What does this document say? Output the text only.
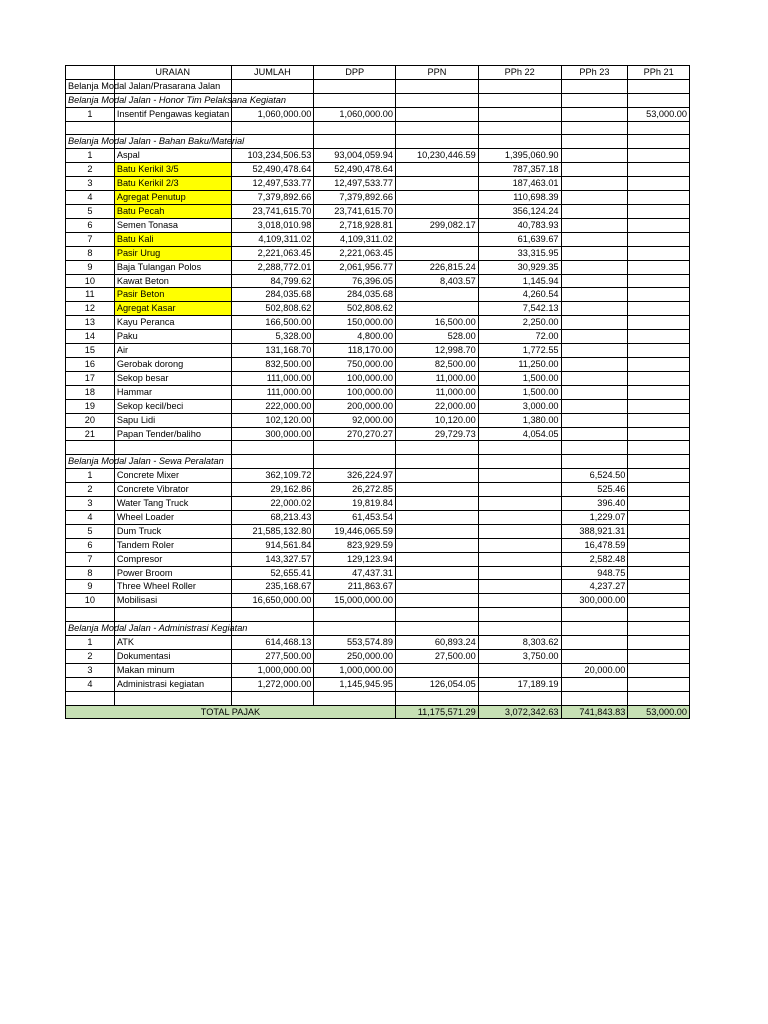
	URAIAN	JUMLAH	DPP	PPN	PPh 22	PPh 23	PPh 21

Belanja Modal Jalan/Prasarana Jalan							

Belanja Modal Jalan - Honor Tim Pelaksana Kegiatan							

1	Insentif Pengawas kegiatan	1,060,000.00	1,060,000.00				53,000.00

Belanja Modal Jalan - Bahan Baku/Material							

1	Aspal	103,234,506.53	93,004,059.94	10,230,446.59	1,395,060.90		
2	Batu Kerikil 3/5	52,490,478.64	52,490,478.64		787,357.18		
3	Batu Kerikil 2/3	12,497,533.77	12,497,533.77		187,463.01		
4	Agregat Penutup	7,379,892.66	7,379,892.66		110,698.39		
5	Batu Pecah	23,741,615.70	23,741,615.70		356,124.24		
6	Semen Tonasa	3,018,010.98	2,718,928.81	299,082.17	40,783.93		
7	Batu Kali	4,109,311.02	4,109,311.02		61,639.67		
8	Pasir Urug	2,221,063.45	2,221,063.45		33,315.95		
9	Baja Tulangan Polos	2,288,772.01	2,061,956.77	226,815.24	30,929.35		
10	Kawat Beton	84,799.62	76,396.05	8,403.57	1,145.94		
11	Pasir Beton	284,035.68	284,035.68		4,260.54		
12	Agregat Kasar	502,808.62	502,808.62		7,542.13		
13	Kayu Peranca	166,500.00	150,000.00	16,500.00	2,250.00		
14	Paku	5,328.00	4,800.00	528.00	72.00		
15	Air	131,168.70	118,170.00	12,998.70	1,772.55		
16	Gerobak dorong	832,500.00	750,000.00	82,500.00	11,250.00		
17	Sekop besar	111,000.00	100,000.00	11,000.00	1,500.00		
18	Hammar	111,000.00	100,000.00	11,000.00	1,500.00		
19	Sekop kecil/beci	222,000.00	200,000.00	22,000.00	3,000.00		
20	Sapu Lidi	102,120.00	92,000.00	10,120.00	1,380.00		
21	Papan Tender/baliho	300,000.00	270,270.27	29,729.73	4,054.05		

Belanja Modal Jalan - Sewa Peralatan							

1	Concrete Mixer	362,109.72	326,224.97			6,524.50	
2	Concrete Vibrator	29,162.86	26,272.85			525.46	
3	Water Tang Truck	22,000.02	19,819.84			396.40	
4	Wheel Loader	68,213.43	61,453.54			1,229.07	
5	Dum Truck	21,585,132.80	19,446,065.59			388,921.31	
6	Tandem Roler	914,561.84	823,929.59			16,478.59	
7	Compresor	143,327.57	129,123.94			2,582.48	
8	Power Broom	52,655.41	47,437.31			948.75	
9	Three Wheel Roller	235,168.67	211,863.67			4,237.27	
10	Mobilisasi	16,650,000.00	15,000,000.00			300,000.00	

Belanja Modal Jalan - Administrasi Kegiatan							

1	ATK	614,468.13	553,574.89	60,893.24	8,303.62		
2	Dokumentasi	277,500.00	250,000.00	27,500.00	3,750.00		
3	Makan minum	1,000,000.00	1,000,000.00			20,000.00	
4	Administrasi kegiatan	1,272,000.00	1,145,945.95	126,054.05	17,189.19		

TOTAL PAJAK				11,175,571.29	3,072,342.63	741,843.83	53,000.00
